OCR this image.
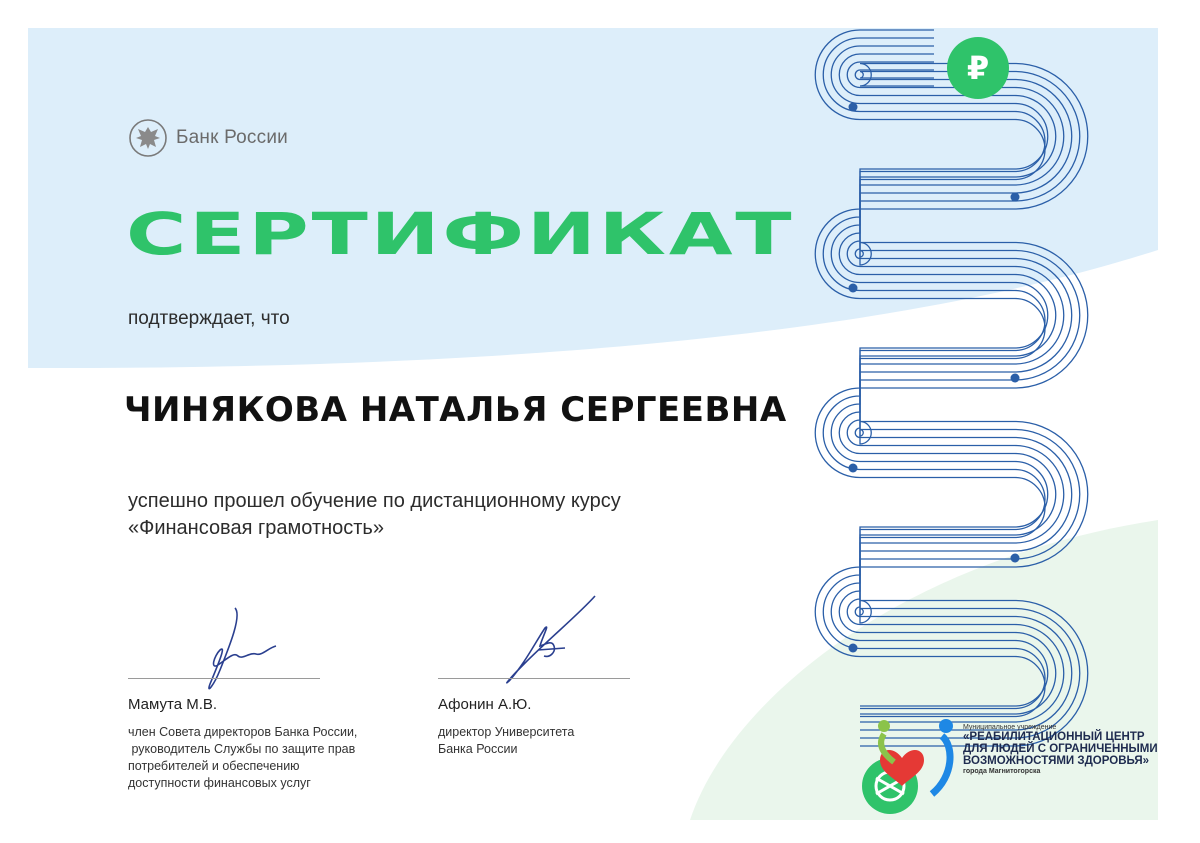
Банк России
СЕРТИФИКАТ
подтверждает, что
ЧИНЯКОВА НАТАЛЬЯ СЕРГЕЕВНА
успешно прошел обучение по дистанционному курсу
«Финансовая грамотность»
Мамута М.В.
член Совета директоров Банка России,
руководитель Службы по защите прав
потребителей и обеспечению
доступности финансовых услуг
Афонин А.Ю.
директор Университета
Банка России
₽
Муниципальное учреждение
«РЕАБИЛИТАЦИОННЫЙ ЦЕНТР
ДЛЯ ЛЮДЕЙ С ОГРАНИЧЕННЫМИ
ВОЗМОЖНОСТЯМИ ЗДОРОВЬЯ»
города Магнитогорска
